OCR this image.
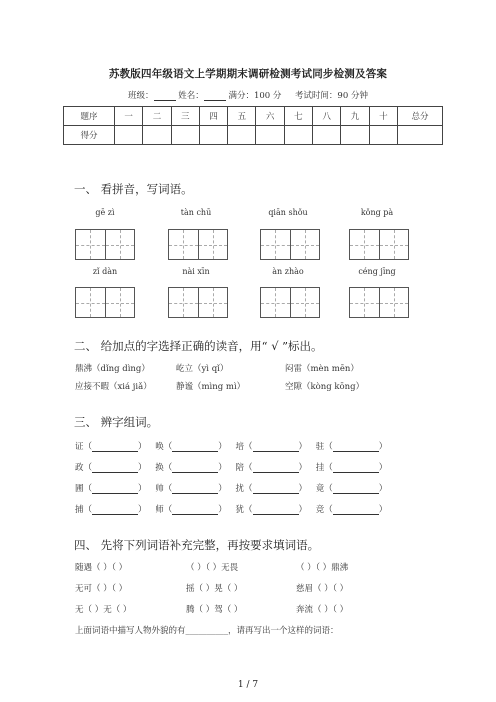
苏教版四年级语文上学期期末调研检测考试同步检测及答案
班级：	姓名：	满分：100 分 考试时间：90 分钟
题序	一	二	三	四	五	六	七	八	九	十	总分
得分											
一、 看拼音，写词语。
gē zì	tàn chū	qiān shǒu	kǒng pà
zǐ dàn	nài xīn	àn zhào	céng jīng
二、 给加点的字选择正确的读音，用“ √ ”标出。
鼎沸（dǐng dìng）	屹立（yì qǐ）	闷雷（mèn mēn）
应接不暇（xiá jiǎ）	静谧（mìng mì）	空隙（kòng kōng）
三、 辨字组词。
证（	） 唤（	） 培（	） 驻（	）
政（	） 换（	） 陪（	） 挂（	）
圃（	） 帅（	） 扰（	） 竟（	）
捕（	） 师（	） 犹（	） 竞（	）
四、 先将下列词语补充完整，再按要求填词语。
随遇（ ）（ ）	（ ）（ ）无畏	（ ）（ ）鼎沸
无可（ ）（ ）	摇（ ）晃（ ）	慈眉（ ）（ ）
无（ ）无（ ）	腾（ ）驾（ ）	奔流（ ）（ ）
上面词语中描写人物外貌的有__________，请再写出一个这样的词语：
1 / 7
